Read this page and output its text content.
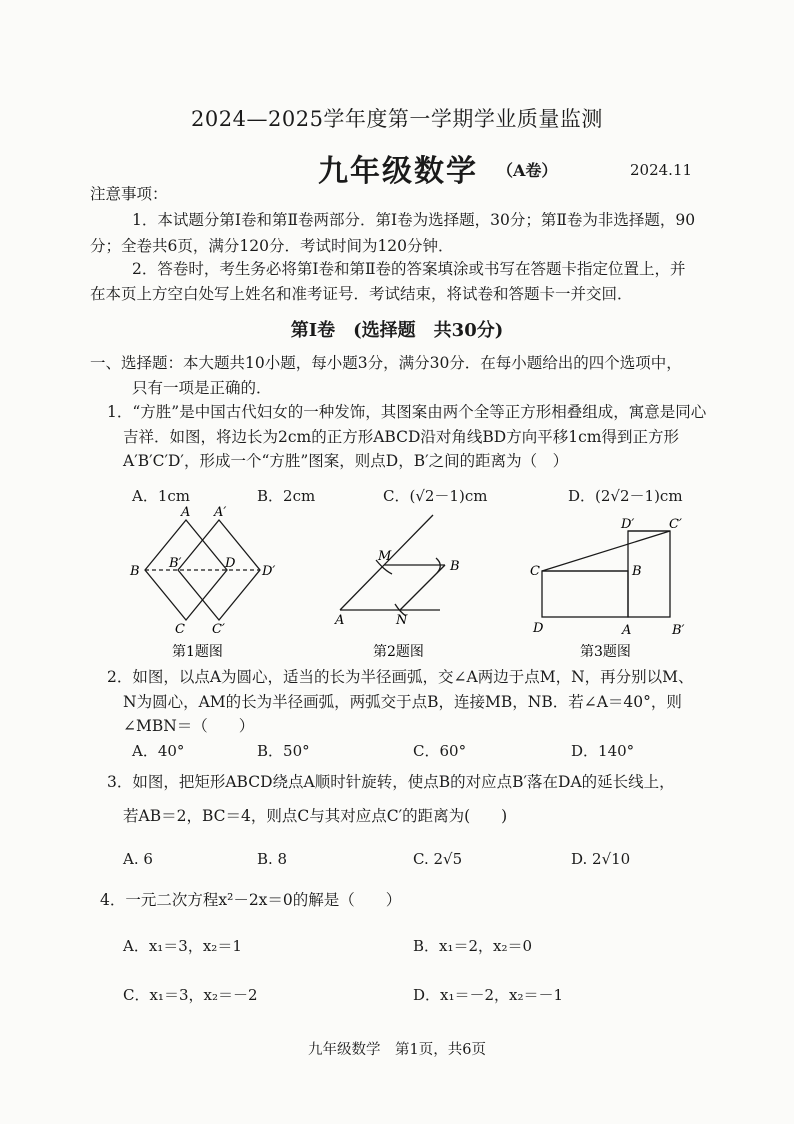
2024—2025学年度第一学期学业质量监测
九年级数学 （A卷）	2024.11
注意事项：
1．本试题分第Ⅰ卷和第Ⅱ卷两部分．第Ⅰ卷为选择题，30分；第Ⅱ卷为非选择题，90
分；全卷共6页，满分120分．考试时间为120分钟．
2．答卷时，考生务必将第Ⅰ卷和第Ⅱ卷的答案填涂或书写在答题卡指定位置上，并
在本页上方空白处写上姓名和准考证号．考试结束，将试卷和答题卡一并交回．
第Ⅰ卷　(选择题　共30分)
一、选择题：本大题共10小题，每小题3分，满分30分．在每小题给出的四个选项中，
只有一项是正确的．
1．“方胜”是中国古代妇女的一种发饰，其图案由两个全等正方形相叠组成，寓意是同心
吉祥．如图，将边长为2cm的正方形ABCD沿对角线BD方向平移1cm得到正方形
A′B′C′D′，形成一个“方胜”图案，则点D，B′之间的距离为（　）
A．1cm	B．2cm	C．(√2－1)cm	D．(2√2－1)cm
A A′
B
B′	D
D′
C C′
第1题图
M
B
A	N
第2题图
D′	C′
C	B
D	A	B′
第3题图
2．如图，以点A为圆心，适当的长为半径画弧，交∠A两边于点M，N，再分别以M、
N为圆心，AM的长为半径画弧，两弧交于点B，连接MB，NB．若∠A＝40°，则
∠MBN＝（　　）
A．40°	B．50°	C．60°	D．140°
3．如图，把矩形ABCD绕点A顺时针旋转，使点B的对应点B′落在DA的延长线上，
若AB＝2，BC＝4，则点C与其对应点C′的距离为(　　)
A. 6	B. 8	C. 2√5	D. 2√10
4．一元二次方程x²－2x＝0的解是（　　）
A．x₁＝3，x₂＝1	B．x₁＝2，x₂＝0
C．x₁＝3，x₂＝－2	D．x₁＝－2，x₂＝－1
九年级数学　第1页，共6页
